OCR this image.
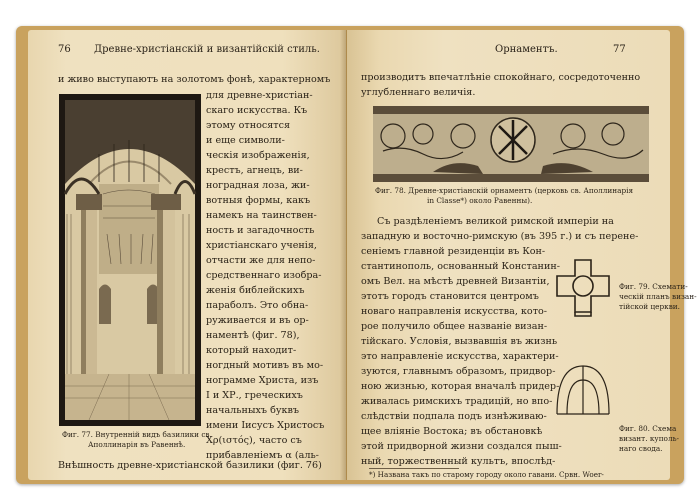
76 Древне-христіанскій и византійскій стиль.
и живо выступаютъ на золотомъ фонѣ, характерномъ
для древне-христіан-
скаго искусства. Къ
этому относятся
и еще символи-
ческія изображенія,
крестъ, агнецъ, ви-
ноградная лоза, жи-
вотныя формы, какъ
намекъ на таинствен-
ность и загадочность
христіанскаго ученія,
отчасти же для непо-
средственнаго изобра-
женія библейскихъ
параболъ. Это обна-
руживается и въ ор-
наментѣ (фиг. 78),
который находит-
ногдный мотивъ въ мо-
нограмме Христа, изъ
I и ХР., греческихъ
начальныхъ буквъ
имени Іисусъ Христосъ
Χρ(ιστός), часто съ
прибавленіемъ α (аль-
Фиг. 77. Внутренній видъ базилики св.
Аполлинарія въ Равеннѣ.
Внѣшность древне-христіанской базилики (фиг. 76)
Орнаментъ.	77
производитъ впечатлѣніе спокойнаго, сосредоточенно
углубленнаго величія.
Фиг. 78. Древне-христіанскій орнаментъ (церковь св. Аполлинарія
in Classe*) около Равенны).
Съ раздѣленіемъ великой римской имперіи на
западную и восточно-римскую (въ 395 г.) и съ перене-
сеніемъ главной резиденціи въ Кон-
стантинополь, основанный Констанин-
омъ Вел. на мѣстѣ древней Византіи,
этотъ городъ становится центромъ
новаго направленія искусства, кото-
рое получило общее названіе визан-
тійскаго. Условія, вызвавшія въ жизнь
это направленіе искусства, характери-
зуются, главнымъ образомъ, придвор-
ною жизнью, которая вначалѣ придер-
живалась римскихъ традицій, но впо-
слѣдствіи подпала подъ изнѣживаю-
щее вліяніе Востока; въ обстановкѣ
этой придворной жизни создался пыш-
ный, торжественный культъ, впослѣд-
Фиг. 79. Схемати-
ческій планъ визан-
тійской церкви.
Фиг. 80. Схема
визант. куполь-
наго свода.
*) Названа такъ по старому городу около гавани. Срвн. Woer-
